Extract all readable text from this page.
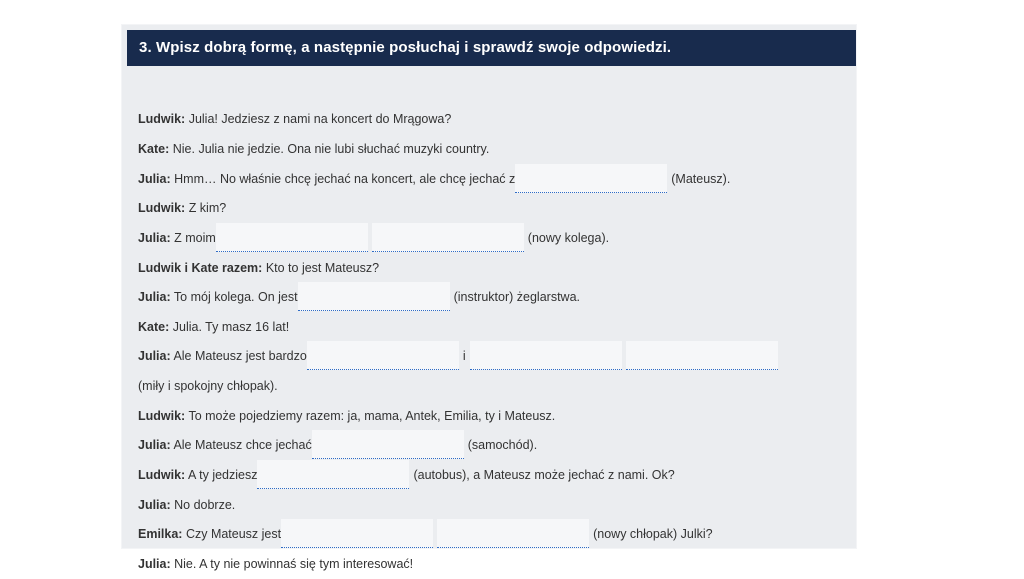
3. Wpisz dobrą formę, a następnie posłuchaj i sprawdź swoje odpowiedzi.
Ludwik: Julia! Jedziesz z nami na koncert do Mrągowa?
Kate: Nie. Julia nie jedzie. Ona nie lubi słuchać muzyki country.
Julia: Hmm… No właśnie chcę jechać na koncert, ale chcę jechać z	(Mateusz).
Ludwik: Z kim?
Julia: Z moim	(nowy kolega).
Ludwik i Kate razem: Kto to jest Mateusz?
Julia: To mój kolega. On jest	(instruktor) żeglarstwa.
Kate: Julia. Ty masz 16 lat!
Julia: Ale Mateusz jest bardzo	i
(miły i spokojny chłopak).
Ludwik: To może pojedziemy razem: ja, mama, Antek, Emilia, ty i Mateusz.
Julia: Ale Mateusz chce jechać	(samochód).
Ludwik: A ty jedziesz	(autobus), a Mateusz może jechać z nami. Ok?
Julia: No dobrze.
Emilka: Czy Mateusz jest	(nowy chłopak) Julki?
Julia: Nie. A ty nie powinnaś się tym interesować!
